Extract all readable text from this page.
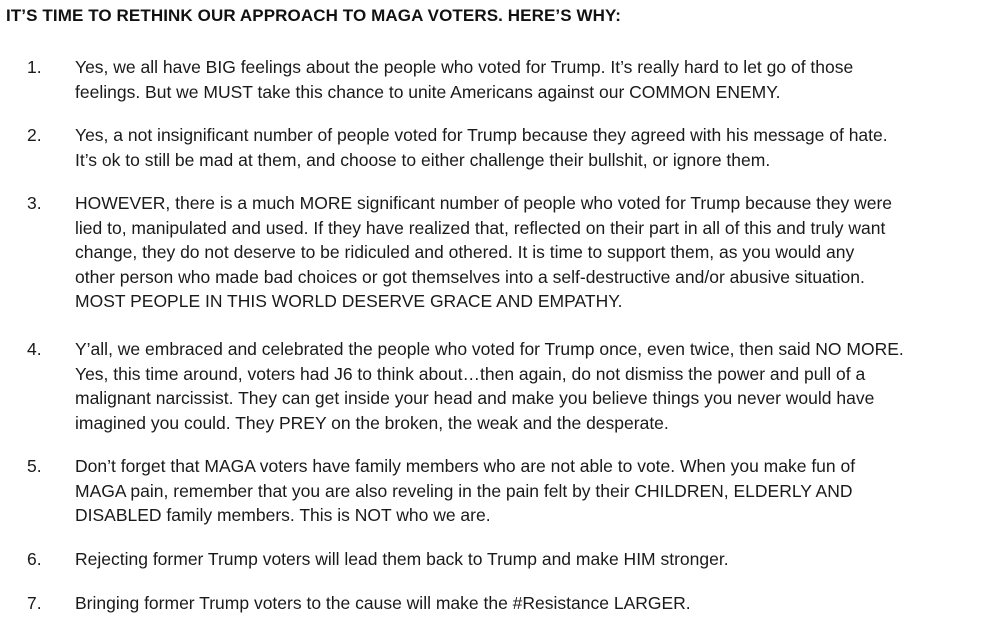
IT’S TIME TO RETHINK OUR APPROACH TO MAGA VOTERS. HERE’S WHY:
1. Yes, we all have BIG feelings about the people who voted for Trump. It’s really hard to let go of those
feelings. But we MUST take this chance to unite Americans against our COMMON ENEMY.
2. Yes, a not insignificant number of people voted for Trump because they agreed with his message of hate.
It’s ok to still be mad at them, and choose to either challenge their bullshit, or ignore them.
3. HOWEVER, there is a much MORE significant number of people who voted for Trump because they were
lied to, manipulated and used. If they have realized that, reflected on their part in all of this and truly want
change, they do not deserve to be ridiculed and othered. It is time to support them, as you would any
other person who made bad choices or got themselves into a self-destructive and/or abusive situation.
MOST PEOPLE IN THIS WORLD DESERVE GRACE AND EMPATHY.
4. Y’all, we embraced and celebrated the people who voted for Trump once, even twice, then said NO MORE.
Yes, this time around, voters had J6 to think about…then again, do not dismiss the power and pull of a
malignant narcissist. They can get inside your head and make you believe things you never would have
imagined you could. They PREY on the broken, the weak and the desperate.
5. Don’t forget that MAGA voters have family members who are not able to vote. When you make fun of
MAGA pain, remember that you are also reveling in the pain felt by their CHILDREN, ELDERLY AND
DISABLED family members. This is NOT who we are.
6. Rejecting former Trump voters will lead them back to Trump and make HIM stronger.
7. Bringing former Trump voters to the cause will make the #Resistance LARGER.
